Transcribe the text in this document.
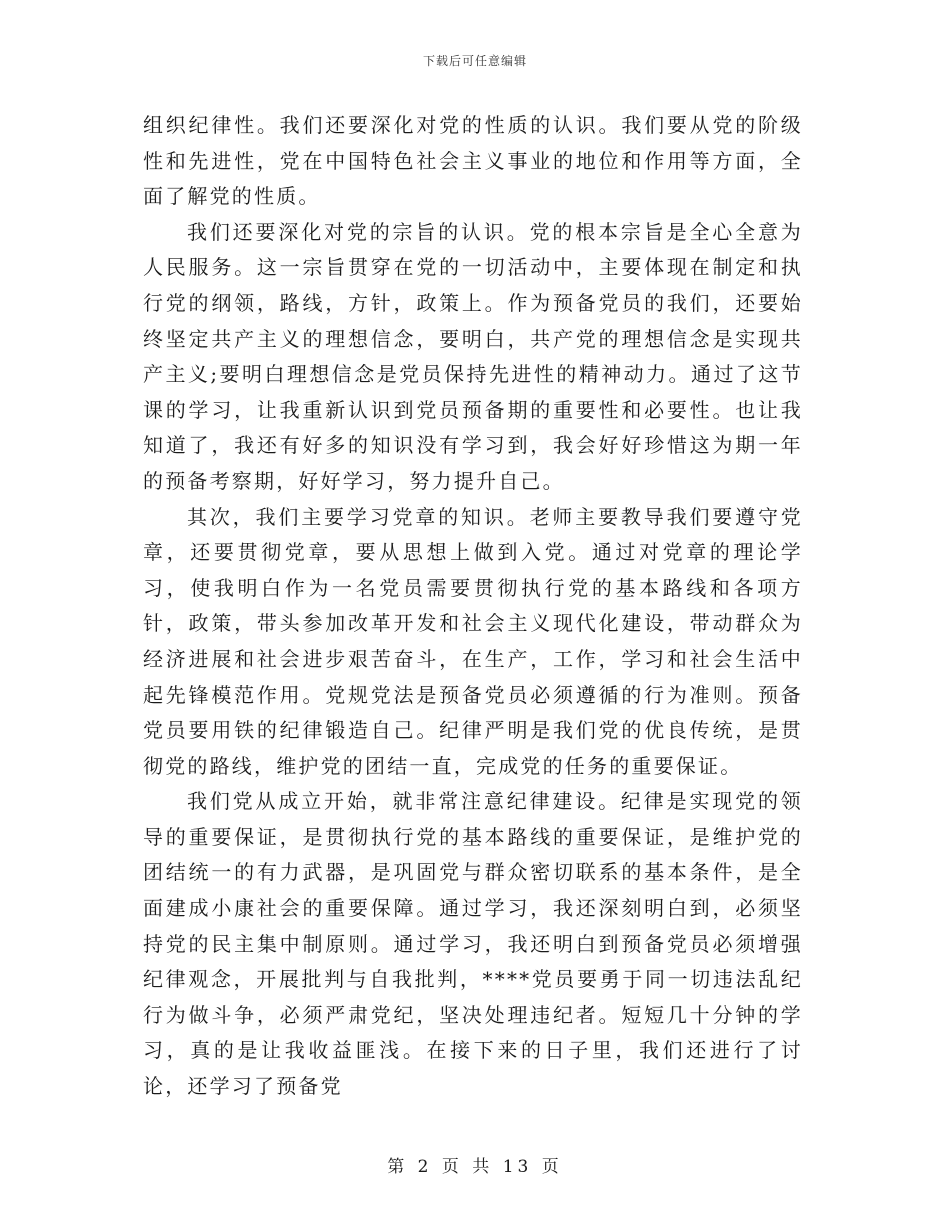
下载后可任意编辑

组织纪律性。我们还要深化对党的性质的认识。我们要从党的阶级性和先进性，党在中国特色社会主义事业的地位和作用等方面，全面了解党的性质。

我们还要深化对党的宗旨的认识。党的根本宗旨是全心全意为人民服务。这一宗旨贯穿在党的一切活动中，主要体现在制定和执行党的纲领，路线，方针，政策上。作为预备党员的我们，还要始终坚定共产主义的理想信念，要明白，共产党的理想信念是实现共产主义;要明白理想信念是党员保持先进性的精神动力。通过了这节课的学习，让我重新认识到党员预备期的重要性和必要性。也让我知道了，我还有好多的知识没有学习到，我会好好珍惜这为期一年的预备考察期，好好学习，努力提升自己。

其次，我们主要学习党章的知识。老师主要教导我们要遵守党章，还要贯彻党章，要从思想上做到入党。通过对党章的理论学习，使我明白作为一名党员需要贯彻执行党的基本路线和各项方针，政策，带头参加改革开发和社会主义现代化建设，带动群众为经济进展和社会进步艰苦奋斗，在生产，工作，学习和社会生活中起先锋模范作用。党规党法是预备党员必须遵循的行为准则。预备党员要用铁的纪律锻造自己。纪律严明是我们党的优良传统，是贯彻党的路线，维护党的团结一直，完成党的任务的重要保证。

我们党从成立开始，就非常注意纪律建设。纪律是实现党的领导的重要保证，是贯彻执行党的基本路线的重要保证，是维护党的团结统一的有力武器，是巩固党与群众密切联系的基本条件，是全面建成小康社会的重要保障。通过学习，我还深刻明白到，必须坚持党的民主集中制原则。通过学习，我还明白到预备党员必须增强纪律观念，开展批判与自我批判，****党员要勇于同一切违法乱纪行为做斗争，必须严肃党纪，坚决处理违纪者。短短几十分钟的学习，真的是让我收益匪浅。在接下来的日子里，我们还进行了讨论，还学习了预备党

第 2 页 共 13 页
